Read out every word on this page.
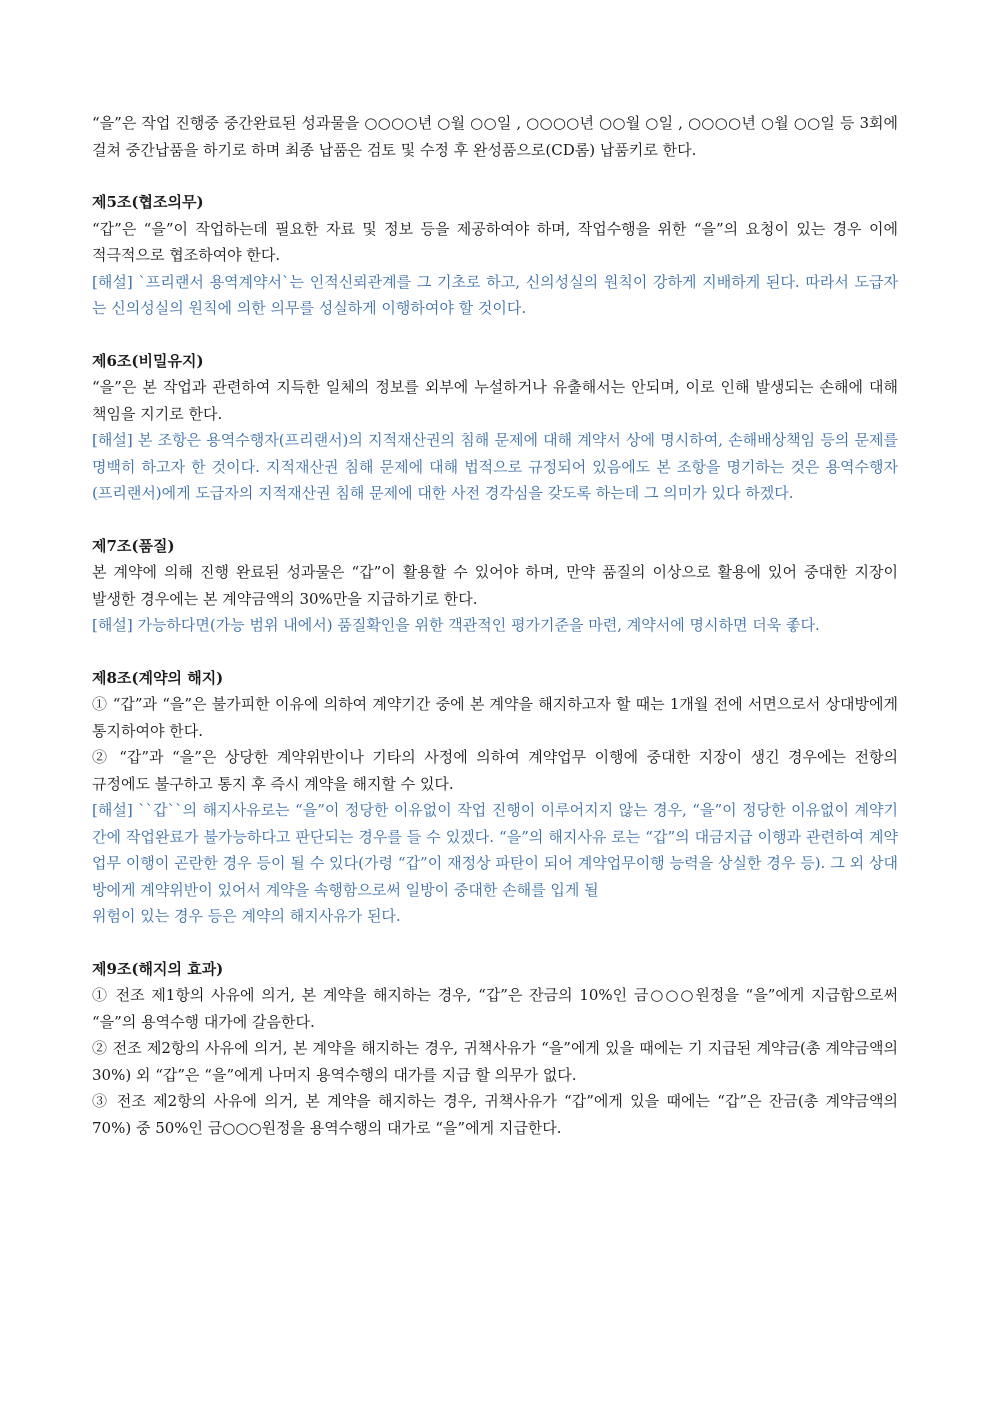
“을”은 작업 진행중 중간완료된 성과물을 ○○○○년 ○월 ○○일 , ○○○○년 ○○월 ○일 , ○○○○년 ○월 ○○일 등 3회에 걸쳐 중간납품을 하기로 하며 최종 납품은 검토 및 수정 후 완성품으로(CD롬) 납품키로 한다.

제5조(협조의무)

“갑”은 “을”이 작업하는데 필요한 자료 및 정보 등을 제공하여야 하며, 작업수행을 위한 “을”의 요청이 있는 경우 이에 적극적으로 협조하여야 한다.

[해설] `프리랜서 용역계약서`는 인적신뢰관계를 그 기초로 하고, 신의성실의 원칙이 강하게 지배하게 된다. 따라서 도급자는 신의성실의 원칙에 의한 의무를 성실하게 이행하여야 할 것이다.

제6조(비밀유지)

“을”은 본 작업과 관련하여 지득한 일체의 정보를 외부에 누설하거나 유출해서는 안되며, 이로 인해 발생되는 손해에 대해 책임을 지기로 한다.

[해설] 본 조항은 용역수행자(프리랜서)의 지적재산권의 침해 문제에 대해 계약서 상에 명시하여, 손해배상책임 등의 문제를 명백히 하고자 한 것이다. 지적재산권 침해 문제에 대해 법적으로 규정되어 있음에도 본 조항을 명기하는 것은 용역수행자(프리랜서)에게 도급자의 지적재산권 침해 문제에 대한 사전 경각심을 갖도록 하는데 그 의미가 있다 하겠다.

제7조(품질)

본 계약에 의해 진행 완료된 성과물은 “갑”이 활용할 수 있어야 하며, 만약 품질의 이상으로 활용에 있어 중대한 지장이 발생한 경우에는 본 계약금액의 30%만을 지급하기로 한다.

[해설] 가능하다면(가능 범위 내에서) 품질확인을 위한 객관적인 평가기준을 마련, 계약서에 명시하면 더욱 좋다.

제8조(계약의 해지)

① “갑”과 “을”은 불가피한 이유에 의하여 계약기간 중에 본 계약을 해지하고자 할 때는 1개월 전에 서면으로서 상대방에게 통지하여야 한다.

② “갑”과 “을”은 상당한 계약위반이나 기타의 사정에 의하여 계약업무 이행에 중대한 지장이 생긴 경우에는 전항의 규정에도 불구하고 통지 후 즉시 계약을 해지할 수 있다.

[해설] ``갑``의 해지사유로는 “을”이 정당한 이유없이 작업 진행이 이루어지지 않는 경우, “을”이 정당한 이유없이 계약기간에 작업완료가 불가능하다고 판단되는 경우를 들 수 있겠다. “을”의 해지사유 로는 “갑”의 대금지급 이행과 관련하여 계약업무 이행이 곤란한 경우 등이 될 수 있다(가령 “갑”이 재정상 파탄이 되어 계약업무이행 능력을 상실한 경우 등). 그 외 상대방에게 계약위반이 있어서 계약을 속행함으로써 일방이 중대한 손해를 입게 될

위험이 있는 경우 등은 계약의 해지사유가 된다.

제9조(해지의 효과)

① 전조 제1항의 사유에 의거, 본 계약을 해지하는 경우, “갑”은 잔금의 10%인 금○○○원정을 “을”에게 지급함으로써 “을”의 용역수행 대가에 갈음한다.

② 전조 제2항의 사유에 의거, 본 계약을 해지하는 경우, 귀책사유가 “을”에게 있을 때에는 기 지급된 계약금(총 계약금액의 30%) 외 “갑”은 “을”에게 나머지 용역수행의 대가를 지급 할 의무가 없다.

③ 전조 제2항의 사유에 의거, 본 계약을 해지하는 경우, 귀책사유가 “갑”에게 있을 때에는 “갑”은 잔금(총 계약금액의 70%) 중 50%인 금○○○원정을 용역수행의 대가로 “을”에게 지급한다.
